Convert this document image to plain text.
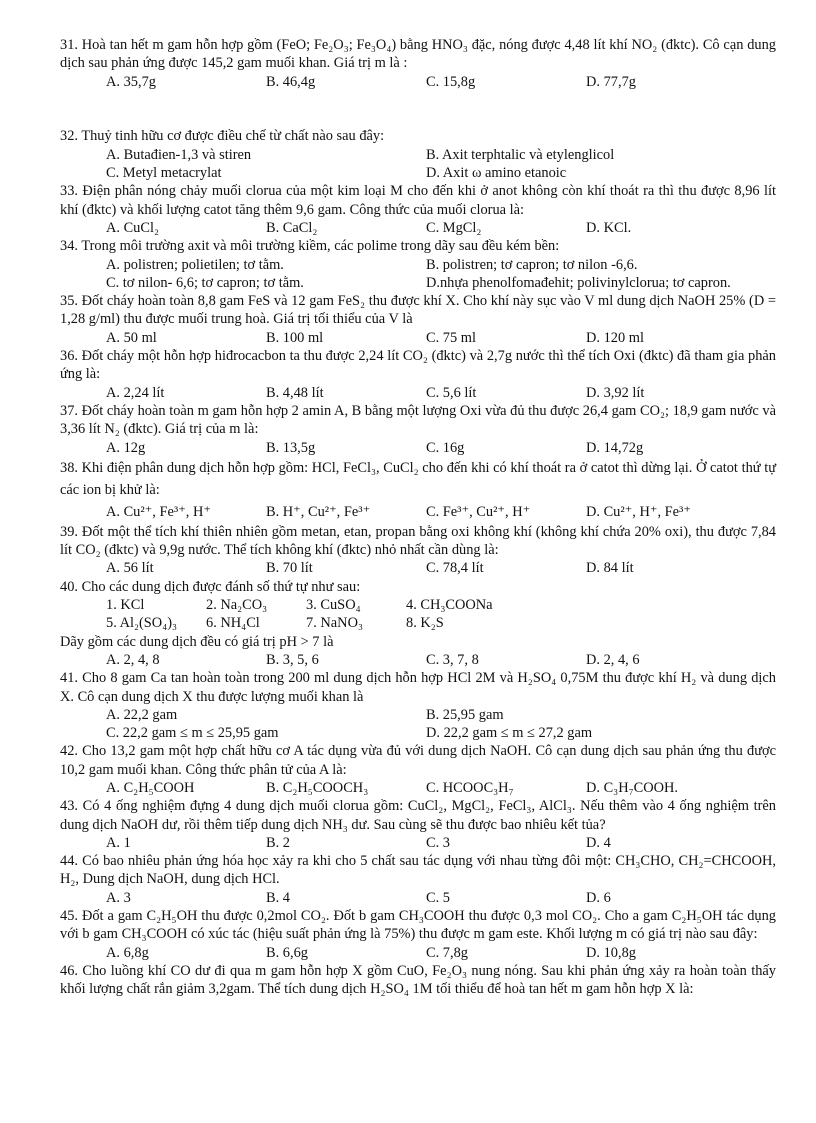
31. Hoà tan hết m gam hỗn hợp gồm (FeO; Fe₂O₃; Fe₃O₄) bằng HNO₃ đặc, nóng được 4,48 lít khí NO₂ (đktc). Cô cạn dung dịch sau phản ứng được 145,2 gam muối khan. Giá trị m là :
A. 35,7g	B. 46,4g	C. 15,8g	D. 77,7g
32. Thuỷ tinh hữu cơ được điều chế từ chất nào sau đây:
A. Butađien-1,3 và stiren	B. Axit terphtalic và etylenglicol
C. Metyl metacrylat	D. Axit ω amino etanoic
33. Điện phân nóng chảy muối clorua của một kim loại M cho đến khi ở anot không còn khí thoát ra thì thu được 8,96 lít khí (đktc) và khối lượng catot tăng thêm 9,6 gam. Công thức của muối clorua là:
A. CuCl₂	B. CaCl₂	C. MgCl₂	D. KCl.
34. Trong môi trường axit và môi trường kiềm, các polime trong dãy sau đều kém bền:
A. polistren; polietilen; tơ tằm.	B. polistren; tơ capron; tơ nilon -6,6.
C. tơ nilon- 6,6; tơ capron; tơ tằm.	D.nhựa phenolfomađehit; polivinylclorua; tơ capron.
35. Đốt cháy hoàn toàn 8,8 gam FeS và 12 gam FeS₂ thu được khí X. Cho khí này sục vào V ml dung dịch NaOH 25% (D = 1,28 g/ml) thu được muối trung hoà. Giá trị tối thiểu của V là
A. 50 ml	B. 100 ml	C. 75 ml	D. 120 ml
36. Đốt cháy một hỗn hợp hiđrocacbon ta thu được 2,24 lít CO₂ (đktc) và 2,7g nước thì thể tích Oxi (đktc) đã tham gia phản ứng là:
A. 2,24 lít	B. 4,48 lít	C. 5,6 lít	D. 3,92 lít
37. Đốt cháy hoàn toàn m gam hỗn hợp 2 amin A, B bằng một lượng Oxi vừa đủ thu được 26,4 gam CO₂; 18,9 gam nước và 3,36 lít N₂ (đktc). Giá trị của m là:
A. 12g	B. 13,5g	C. 16g	D. 14,72g
38. Khi điện phân dung dịch hỗn hợp gồm: HCl, FeCl₃, CuCl₂ cho đến khi có khí thoát ra ở catot thì dừng lại. Ở catot thứ tự các ion bị khử là:
A. Cu²⁺, Fe³⁺, H⁺	B. H⁺, Cu²⁺, Fe³⁺	C. Fe³⁺, Cu²⁺, H⁺	D. Cu²⁺, H⁺, Fe³⁺
39. Đốt một thể tích khí thiên nhiên gồm metan, etan, propan bằng oxi không khí (không khí chứa 20% oxi), thu được 7,84 lít CO₂ (đktc) và 9,9g nước. Thể tích không khí (đktc) nhỏ nhất cần dùng là:
A. 56 lít	B. 70 lít	C. 78,4 lít	D. 84 lít
40. Cho các dung dịch được đánh số thứ tự như sau:
1. KCl	2. Na₂CO₃	3. CuSO₄	4. CH₃COONa
5. Al₂(SO₄)₃	6. NH₄Cl	7. NaNO₃	8. K₂S
Dãy gồm các dung dịch đều có giá trị pH > 7 là
A. 2, 4, 8	B. 3, 5, 6	C. 3, 7, 8	D. 2, 4, 6
41. Cho 8 gam Ca tan hoàn toàn trong 200 ml dung dịch hỗn hợp HCl 2M và H₂SO₄ 0,75M thu được khí H₂ và dung dịch X. Cô cạn dung dịch X thu được lượng muối khan là
A. 22,2 gam	B. 25,95 gam
C. 22,2 gam ≤ m ≤ 25,95 gam	D. 22,2 gam ≤ m ≤ 27,2 gam
42. Cho 13,2 gam một hợp chất hữu cơ A tác dụng vừa đủ với dung dịch NaOH. Cô cạn dung dịch sau phản ứng thu được 10,2 gam muối khan. Công thức phân tử của A là:
A. C₂H₅COOH	B. C₂H₅COOCH₃	C. HCOOC₃H₇	D. C₃H₇COOH.
43. Có 4 ống nghiệm đựng 4 dung dịch muối clorua gồm: CuCl₂, MgCl₂, FeCl₃, AlCl₃. Nếu thêm vào 4 ống nghiệm trên dung dịch NaOH dư, rồi thêm tiếp dung dịch NH₃ dư. Sau cùng sẽ thu được bao nhiêu kết tủa?
A. 1	B. 2	C. 3	D. 4
44. Có bao nhiêu phản ứng hóa học xảy ra khi cho 5 chất sau tác dụng với nhau từng đôi một: CH₃CHO, CH₂=CHCOOH, H₂, Dung dịch NaOH, dung dịch HCl.
A. 3	B. 4	C. 5	D. 6
45. Đốt a gam C₂H₅OH thu được 0,2mol CO₂. Đốt b gam CH₃COOH thu được 0,3 mol CO₂. Cho a gam C₂H₅OH tác dụng với b gam CH₃COOH có xúc tác (hiệu suất phản ứng là 75%) thu được m gam este. Khối lượng m có giá trị nào sau đây:
A. 6,8g	B. 6,6g	C. 7,8g	D. 10,8g
46. Cho luồng khí CO dư đi qua m gam hỗn hợp X gồm CuO, Fe₂O₃ nung nóng. Sau khi phản ứng xảy ra hoàn toàn thấy khối lượng chất rắn giảm 3,2gam. Thể tích dung dịch H₂SO₄ 1M tối thiểu để hoà tan hết m gam hỗn hợp X là:
